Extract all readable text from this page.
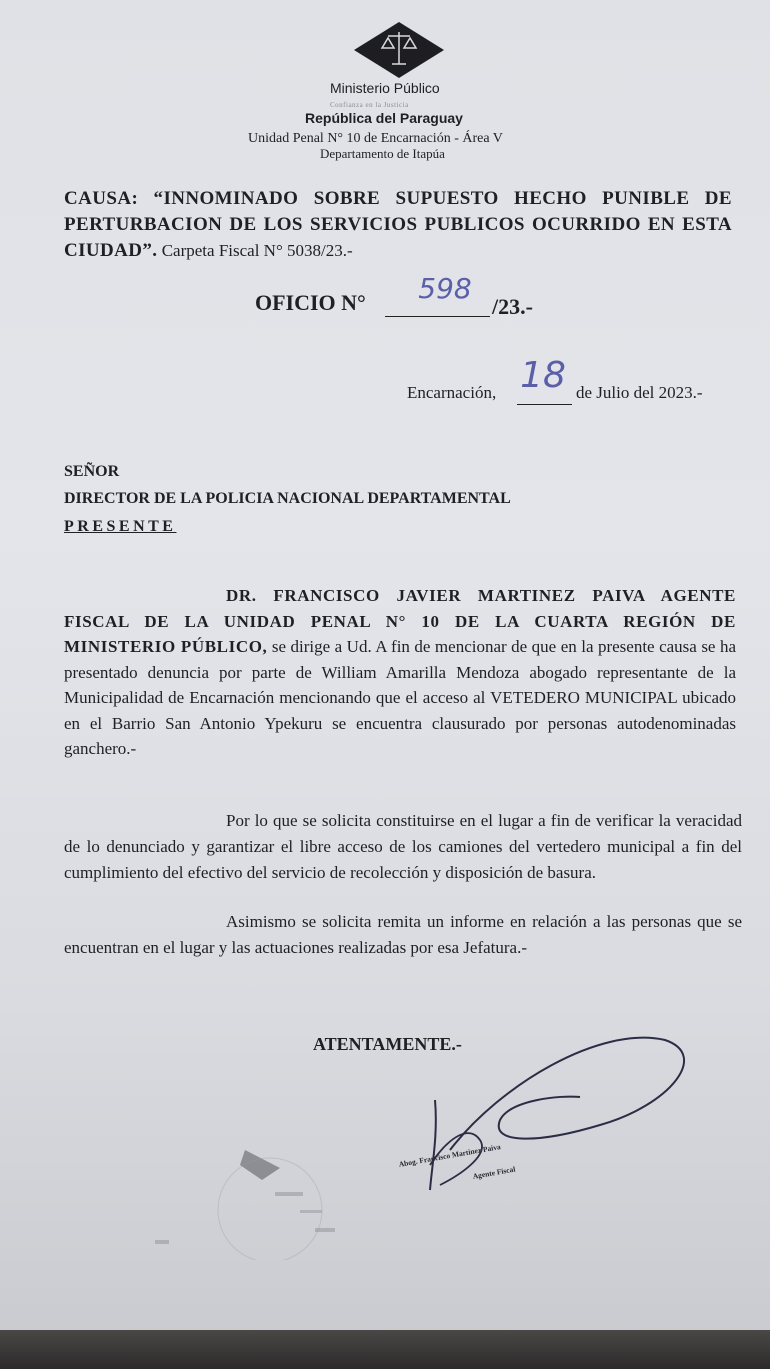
Ministerio Público
Confianza en la Justicia
República del Paraguay
Unidad Penal N° 10 de Encarnación - Área V
Departamento de Itapúa
CAUSA: “INNOMINADO SOBRE SUPUESTO HECHO PUNIBLE DE PERTURBACION DE LOS SERVICIOS PUBLICOS OCURRIDO EN ESTA CIUDAD”. Carpeta Fiscal N° 5038/23.-
OFICIO N°	598
/23.-
Encarnación, 18 de Julio del 2023.-
SEÑOR
DIRECTOR DE LA POLICIA NACIONAL DEPARTAMENTAL
PRESENTE
DR. FRANCISCO JAVIER MARTINEZ PAIVA AGENTE FISCAL DE LA UNIDAD PENAL N° 10 DE LA CUARTA REGIÓN DE MINISTERIO PÚBLICO, se dirige a Ud. A fin de mencionar de que en la presente causa se ha presentado denuncia por parte de William Amarilla Mendoza abogado representante de la Municipalidad de Encarnación mencionando que el acceso al VETEDERO MUNICIPAL ubicado en el Barrio San Antonio Ypekuru se encuentra clausurado por personas autodenominadas ganchero.-
Por lo que se solicita constituirse en el lugar a fin de verificar la veracidad de lo denunciado y garantizar el libre acceso de los camiones del vertedero municipal a fin del cumplimiento del efectivo del servicio de recolección y disposición de basura.
Asimismo se solicita remita un informe en relación a las personas que se encuentran en el lugar y las actuaciones realizadas por esa Jefatura.-
ATENTAMENTE.-
Abog. Francisco Martinez Paiva
Agente Fiscal
